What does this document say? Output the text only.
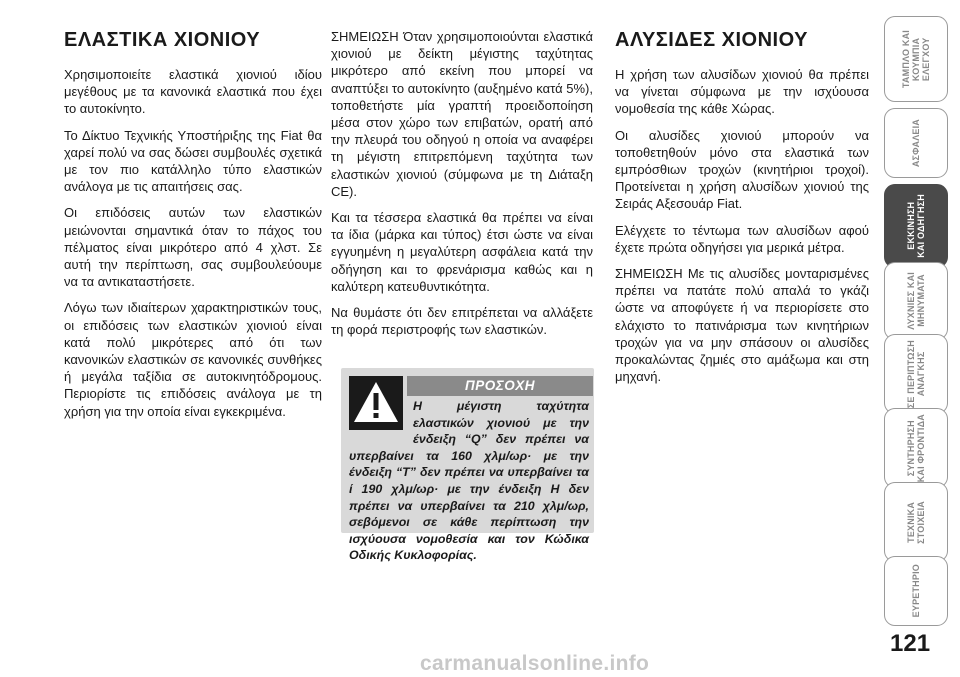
ΕΛΑΣΤΙΚΑ ΧΙΟΝΙΟΥ

Χρησιμοποιείτε ελαστικά χιονιού ιδίου μεγέθους με τα κανονικά ελαστικά που έχει το αυτοκίνητο.

Το Δίκτυο Τεχνικής Υποστήριξης της Fiat θα χαρεί πολύ να σας δώσει συμβουλές σχετικά με τον πιο κατάλληλο τύπο ελαστικών ανάλογα με τις απαιτήσεις σας.

Οι επιδόσεις αυτών των ελαστικών μειώνονται σημαντικά όταν το πάχος του πέλματος είναι μικρότερο από 4 χλστ. Σε αυτή την περίπτωση, σας συμβουλεύουμε να τα αντικαταστήσετε.

Λόγω των ιδιαίτερων χαρακτηριστικών τους, οι επιδόσεις των ελαστικών χιονιού είναι κατά πολύ μικρότερες από ότι των κανονικών ελαστικών σε κανονικές συνθήκες ή μεγάλα ταξίδια σε αυτοκινητόδρομους. Περιορίστε τις επιδόσεις ανάλογα με τη χρήση για την οποία είναι εγκεκριμένα.

ΣΗΜΕΙΩΣΗ Όταν χρησιμοποιούνται ελαστικά χιονιού με δείκτη μέγιστης ταχύτητας μικρότερο από εκείνη που μπορεί να αναπτύξει το αυτοκίνητο (αυξημένο κατά 5%), τοποθετήστε μία γραπτή προειδοποίηση μέσα στον χώρο των επιβατών, ορατή από την πλευρά του οδηγού η οποία να αναφέρει τη μέγιστη επιτρεπόμενη ταχύτητα των ελαστικών χιονιού (σύμφωνα με τη Διάταξη CE).

Και τα τέσσερα ελαστικά θα πρέπει να είναι τα ίδια (μάρκα και τύπος) έτσι ώστε να είναι εγγυημένη η μεγαλύτερη ασφάλεια κατά την οδήγηση και το φρενάρισμα καθώς και η καλύτερη κατευθυντικότητα.

Να θυμάστε ότι δεν επιτρέπεται να αλλάξετε τη φορά περιστροφής των ελαστικών.

ΠΡΟΣΟΧΗ
Η μέγιστη ταχύτητα ελαστικών χιονιού με την ένδειξη “Q” δεν πρέπει να υπερβαίνει τα 160 χλμ/ωρ· με την ένδειξη “T” δεν πρέπει να υπερβαίνει τα ί 190 χλμ/ωρ· με την ένδειξη Η δεν πρέπει να υπερβαίνει τα 210 χλμ/ωρ, σεβόμενοι σε κάθε περίπτωση την ισχύουσα νομοθεσία και τον Κώδικα Οδικής Κυκλοφορίας.
ΑΛΥΣΙΔΕΣ ΧΙΟΝΙΟΥ

Η χρήση των αλυσίδων χιονιού θα πρέπει να γίνεται σύμφωνα με την ισχύουσα νομοθεσία της κάθε Χώρας.

Οι αλυσίδες χιονιού μπορούν να τοποθετηθούν μόνο στα ελαστικά των εμπρόσθιων τροχών (κινητήριοι τροχοί). Προτείνεται η χρήση αλυσίδων χιονιού της Σειράς Αξεσουάρ Fiat.

Ελέγχετε το τέντωμα των αλυσίδων αφού έχετε πρώτα οδηγήσει για μερικά μέτρα.

ΣΗΜΕΙΩΣΗ Με τις αλυσίδες μονταρισμένες πρέπει να πατάτε πολύ απαλά το γκάζι ώστε να αποφύγετε ή να περιορίσετε στο ελάχιστο το πατινάρισμα των κινητήριων τροχών για να μην σπάσουν οι αλυσίδες προκαλώντας ζημιές στο αμάξωμα και στη μηχανή.

ΤΑΜΠΛΟ ΚΑΙ
ΚΟΥΜΠΙΑ
ΕΛΕΓΧΟΥ
ΑΣΦΑΛΕΙΑ
ΕΚΚΙΝΗΣΗ
ΚΑΙ ΟΔΗΓΗΣΗ
ΛΥΧΝΙΕΣ ΚΑΙ
ΜΗΝΥΜΑΤΑ
ΣΕ ΠΕΡΙΠΤΩΣΗ
ΑΝΑΓΚΗΣ
ΣΥΝΤΗΡΗΣΗ
ΚΑΙ ΦΡΟΝΤΙΔΑ
ΤΕΧΝΙΚΑ
ΣΤΟΙΧΕΙΑ
ΕΥΡΕΤΗΡΙΟ
121
carmanualsonline.info
